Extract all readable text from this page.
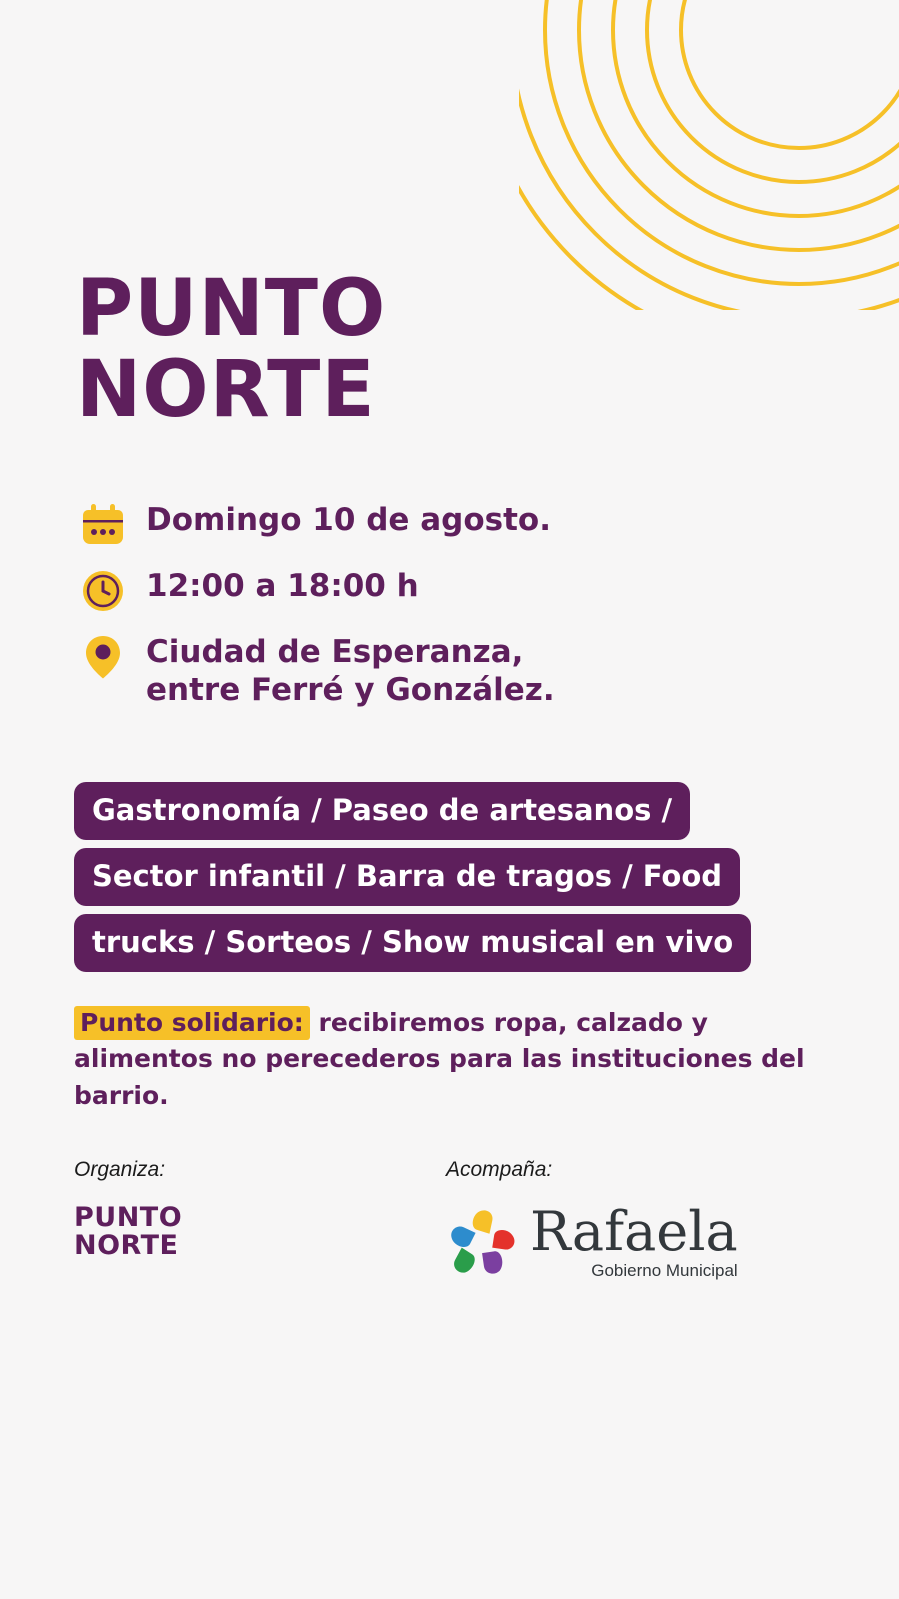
PUNTO
NORTE
Domingo 10 de agosto.
12:00 a 18:00 h
Ciudad de Esperanza,
entre Ferré y González.
Gastronomía / Paseo de artesanos /
Sector infantil / Barra de tragos / Food
trucks / Sorteos / Show musical en vivo
Punto solidario: recibiremos ropa, calzado y alimentos no perecederos para las instituciones del barrio.
Organiza:
PUNTO
NORTE
Acompaña:
Rafaela
Gobierno Municipal
